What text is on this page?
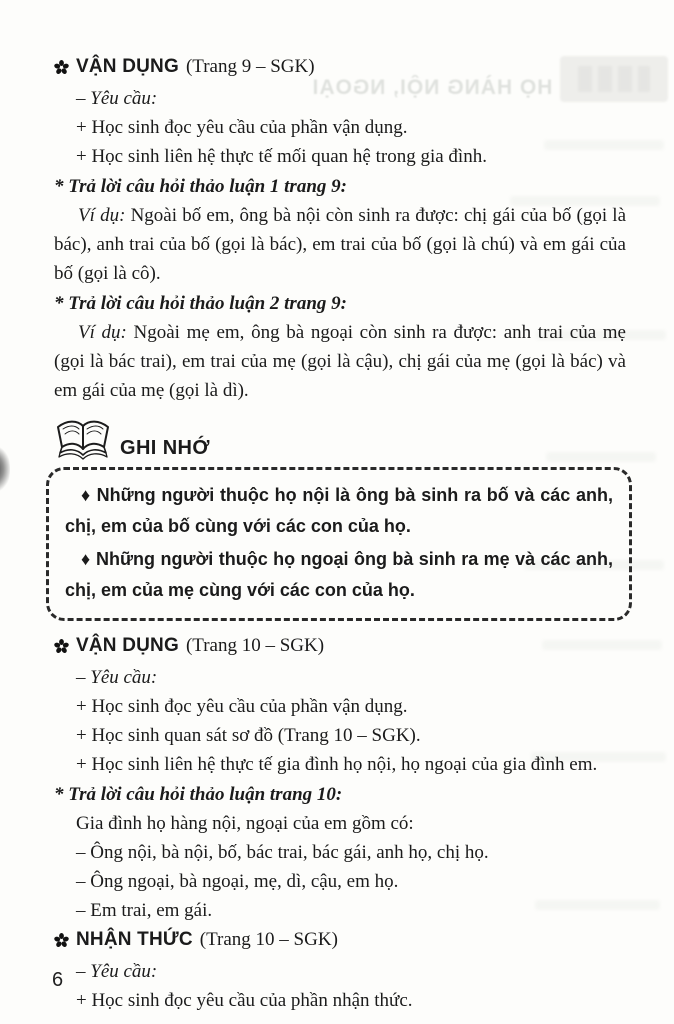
HỌ HÀNG NỘI, NGOẠI
VẬN DỤNG (Trang 9 – SGK)

– Yêu cầu:

+ Học sinh đọc yêu cầu của phần vận dụng.

+ Học sinh liên hệ thực tế mối quan hệ trong gia đình.

* Trả lời câu hỏi thảo luận 1 trang 9:

Ví dụ: Ngoài bố em, ông bà nội còn sinh ra được: chị gái của bố (gọi là bác), anh trai của bố (gọi là bác), em trai của bố (gọi là chú) và em gái của bố (gọi là cô).

* Trả lời câu hỏi thảo luận 2 trang 9:

Ví dụ: Ngoài mẹ em, ông bà ngoại còn sinh ra được: anh trai của mẹ (gọi là bác trai), em trai của mẹ (gọi là cậu), chị gái của mẹ (gọi là bác) và em gái của mẹ (gọi là dì).

GHI NHỚ

♦ Những người thuộc họ nội là ông bà sinh ra bố và các anh, chị, em của bố cùng với các con của họ.

♦ Những người thuộc họ ngoại ông bà sinh ra mẹ và các anh, chị, em của mẹ cùng với các con của họ.

VẬN DỤNG (Trang 10 – SGK)

– Yêu cầu:

+ Học sinh đọc yêu cầu của phần vận dụng.

+ Học sinh quan sát sơ đồ (Trang 10 – SGK).

+ Học sinh liên hệ thực tế gia đình họ nội, họ ngoại của gia đình em.

* Trả lời câu hỏi thảo luận trang 10:

Gia đình họ hàng nội, ngoại của em gồm có:

– Ông nội, bà nội, bố, bác trai, bác gái, anh họ, chị họ.

– Ông ngoại, bà ngoại, mẹ, dì, cậu, em họ.

– Em trai, em gái.

NHẬN THỨC (Trang 10 – SGK)

– Yêu cầu:

+ Học sinh đọc yêu cầu của phần nhận thức.

6
